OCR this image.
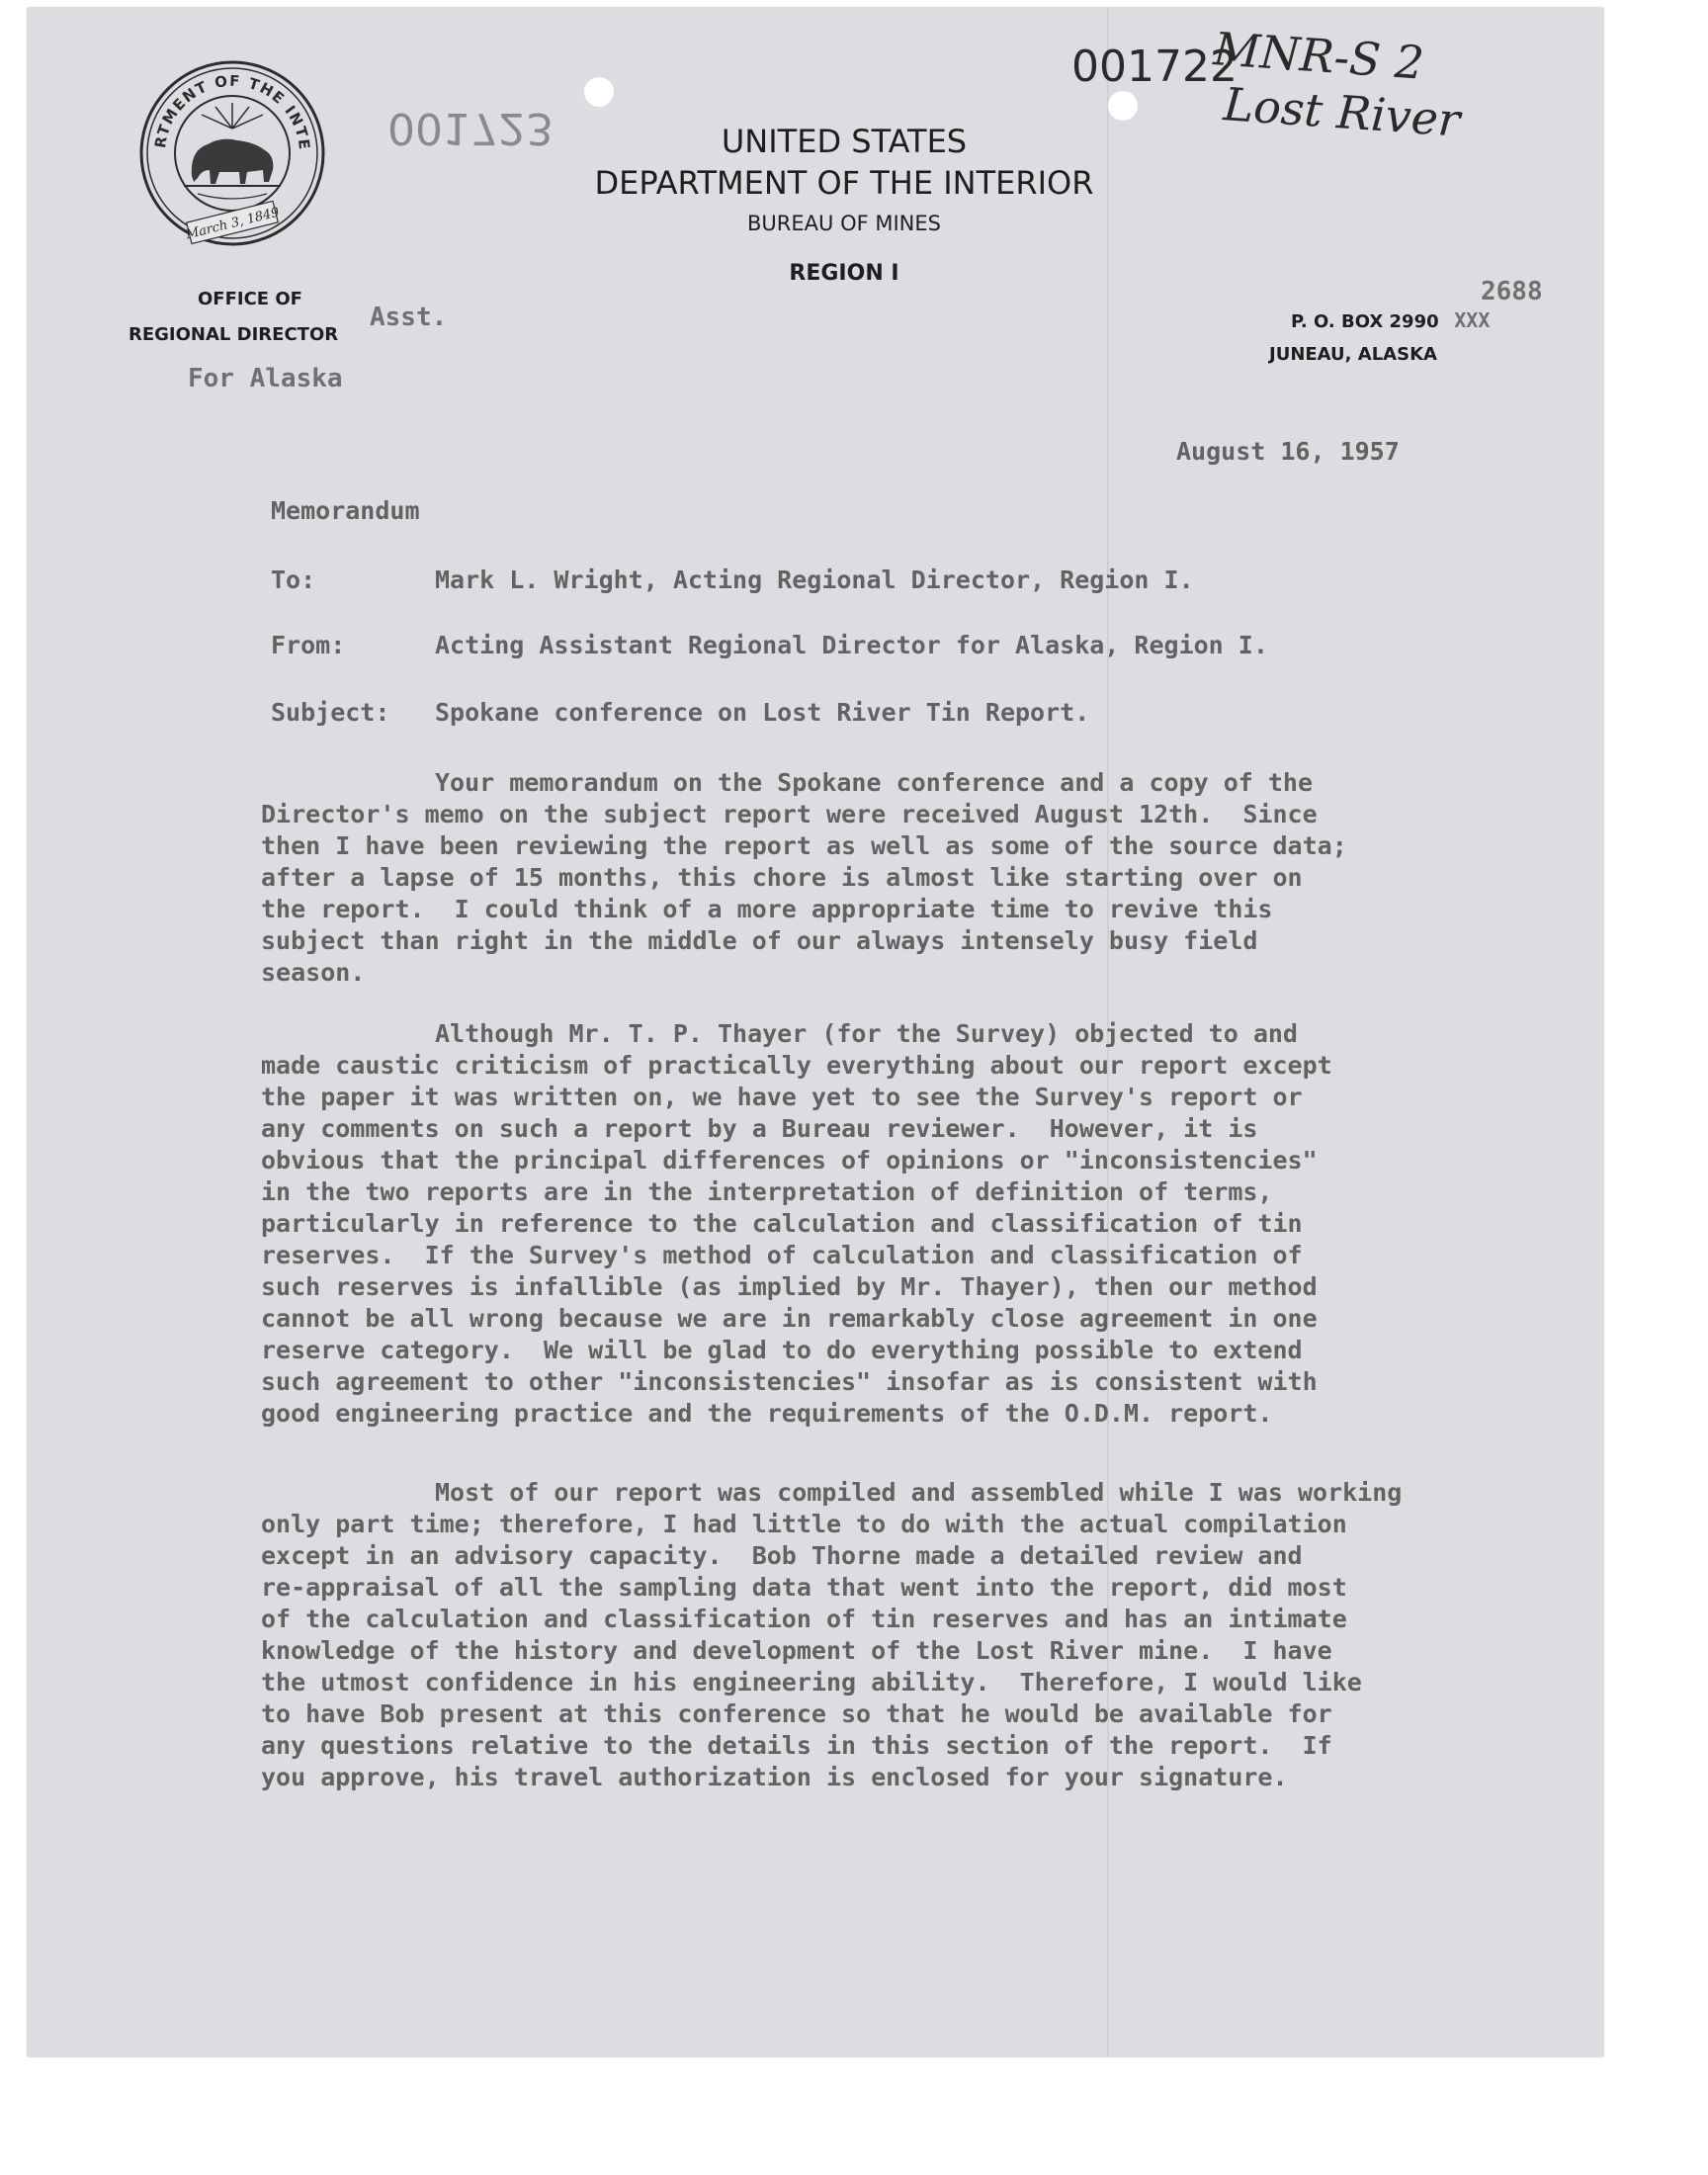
RTMENT OF THE INTE
March 3, 1849
001723
001722
MNR-S 2
Lost River
UNITED STATES
DEPARTMENT OF THE INTERIOR
BUREAU OF MINES
REGION I
OFFICE OF
Asst.
REGIONAL DIRECTOR
For Alaska
2688
P. O. BOX 2990 XXX
JUNEAU, ALASKA
August 16, 1957
Memorandum
To:	Mark L. Wright, Acting Regional Director, Region I.
From:	Acting Assistant Regional Director for Alaska, Region I.
Subject: Spokane conference on Lost River Tin Report.
Your memorandum on the Spokane conference and a copy of the
Director's memo on the subject report were received August 12th.  Since
then I have been reviewing the report as well as some of the source data;
after a lapse of 15 months, this chore is almost like starting over on
the report.  I could think of a more appropriate time to revive this
subject than right in the middle of our always intensely busy field
season.
Although Mr. T. P. Thayer (for the Survey) objected to and
made caustic criticism of practically everything about our report except
the paper it was written on, we have yet to see the Survey's report or
any comments on such a report by a Bureau reviewer.  However, it is
obvious that the principal differences of opinions or "inconsistencies"
in the two reports are in the interpretation of definition of terms,
particularly in reference to the calculation and classification of tin
reserves.  If the Survey's method of calculation and classification of
such reserves is infallible (as implied by Mr. Thayer), then our method
cannot be all wrong because we are in remarkably close agreement in one
reserve category.  We will be glad to do everything possible to extend
such agreement to other "inconsistencies" insofar as is consistent with
good engineering practice and the requirements of the O.D.M. report.
Most of our report was compiled and assembled while I was working
only part time; therefore, I had little to do with the actual compilation
except in an advisory capacity.  Bob Thorne made a detailed review and
re-appraisal of all the sampling data that went into the report, did most
of the calculation and classification of tin reserves and has an intimate
knowledge of the history and development of the Lost River mine.  I have
the utmost confidence in his engineering ability.  Therefore, I would like
to have Bob present at this conference so that he would be available for
any questions relative to the details in this section of the report.  If
you approve, his travel authorization is enclosed for your signature.
